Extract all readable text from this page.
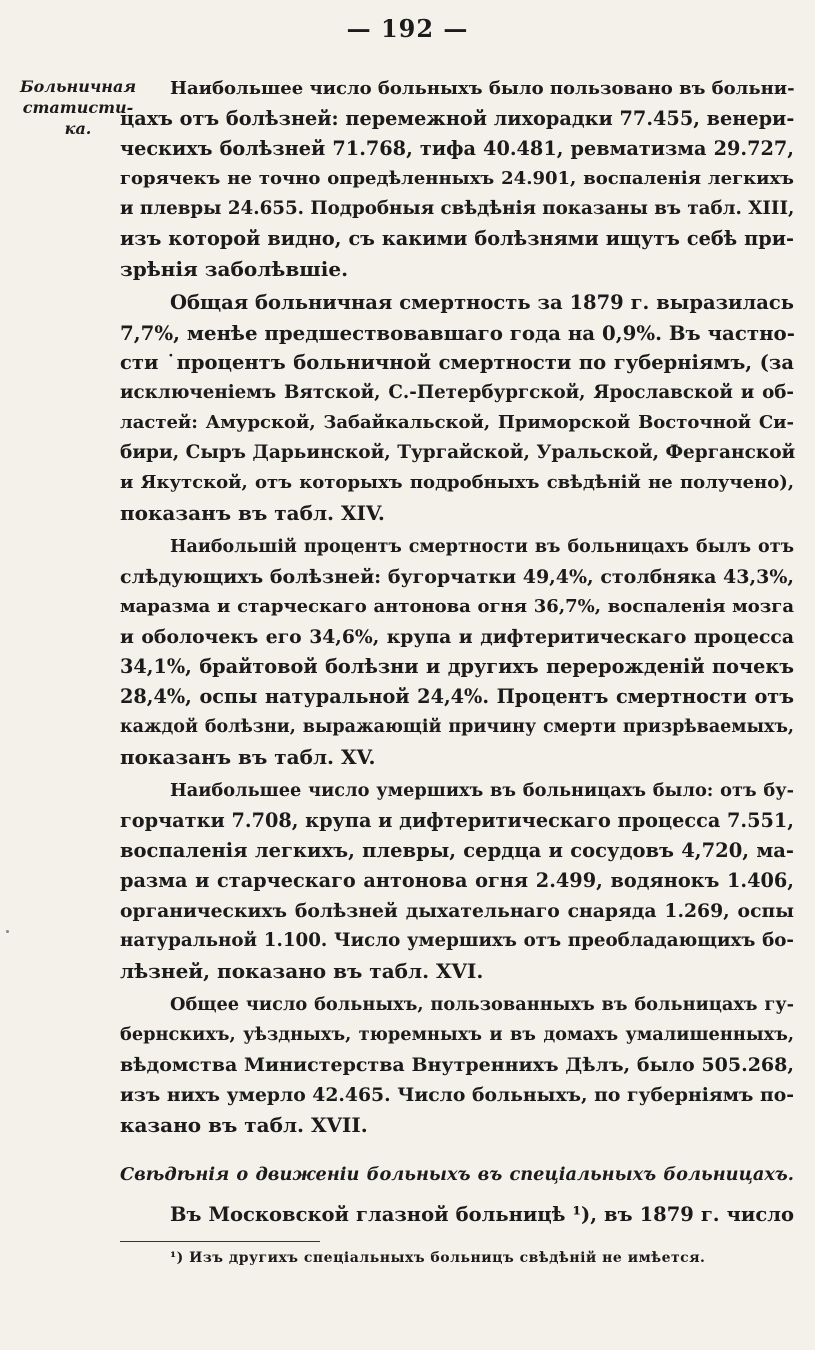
— 192 —
Больничная
статисти-
ка.
Наибольшее число больныхъ было пользовано въ больни-
цахъ отъ болѣзней: перемежной лихорадки 77.455, венери-
ческихъ болѣзней 71.768, тифа 40.481, ревматизма 29.727,
горячекъ не точно опредѣленныхъ 24.901, воспаленія легкихъ
и плевры 24.655. Подробныя свѣдѣнія показаны въ табл. XIII,
изъ которой видно, съ какими болѣзнями ищутъ себѣ при-
зрѣнія заболѣвшіе.
Общая больничная смертность за 1879 г. выразилась
7,7%, менѣе предшествовавшаго года на 0,9%. Въ частно-
сти ˙процентъ больничной смертности по губерніямъ, (за
исключеніемъ Вятской, С.-Петербургской, Ярославской и об-
ластей: Амурской, Забайкальской, Приморской Восточной Си-
бири, Сыръ Дарьинской, Тургайской, Уральской, Ферганской
и Якутской, отъ которыхъ подробныхъ свѣдѣній не получено),
показанъ въ табл. XIV.
Наибольшій процентъ смертности въ больницахъ былъ отъ
слѣдующихъ болѣзней: бугорчатки 49,4%, столбняка 43,3%,
маразма и старческаго антонова огня 36,7%, воспаленія мозга
и оболочекъ его 34,6%, крупа и дифтеритическаго процесса
34,1%, брайтовой болѣзни и другихъ перерожденій почекъ
28,4%, оспы натуральной 24,4%. Процентъ смертности отъ
каждой болѣзни, выражающій причину смерти призрѣваемыхъ,
показанъ въ табл. XV.
Наибольшее число умершихъ въ больницахъ было: отъ бу-
горчатки 7.708, крупа и дифтеритическаго процесса 7.551,
воспаленія легкихъ, плевры, сердца и сосудовъ 4,720, ма-
разма и старческаго антонова огня 2.499, водянокъ 1.406,
органическихъ болѣзней дыхательнаго снаряда 1.269, оспы
натуральной 1.100. Число умершихъ отъ преобладающихъ бо-
лѣзней, показано въ табл. XVI.
Общее число больныхъ, пользованныхъ въ больницахъ гу-
бернскихъ, уѣздныхъ, тюремныхъ и въ домахъ умалишенныхъ,
вѣдомства Министерства Внутреннихъ Дѣлъ, было 505.268,
изъ нихъ умерло 42.465. Число больныхъ, по губерніямъ по-
казано въ табл. XVII.
Свѣдѣнія о движеніи больныхъ въ спеціальныхъ больницахъ.
Въ Московской глазной больницѣ ¹), въ 1879 г. число
¹) Изъ другихъ спеціальныхъ больницъ свѣдѣній не имѣется.
